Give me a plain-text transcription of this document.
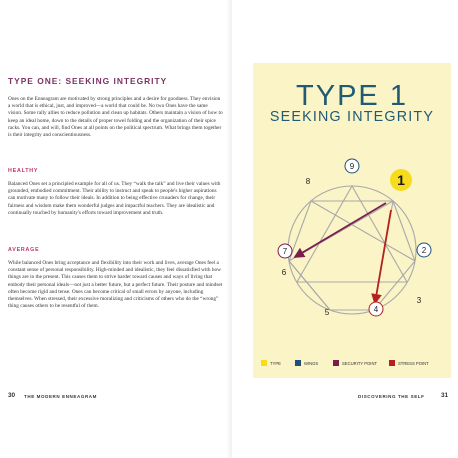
TYPE ONE: SEEKING INTEGRITY
Ones on the Enneagram are motivated by strong principles and a desire for goodness. They envision a world that is ethical, just, and improved—a world that could be. No two Ones have the same vision. Some rally allies to reduce pollution and clean up habitats. Others maintain a vision of how to keep an ideal home, down to the details of proper towel folding and the organization of their spice racks. You can, and will, find Ones at all points on the political spectrum. What brings them together is their integrity and conscientiousness.
HEALTHY
Balanced Ones set a principled example for all of us. They “walk the talk” and live their values with grounded, embodied commitment. Their ability to instruct and speak to people's higher aspirations can motivate many to follow their ideals. In addition to being effective crusaders for change, their fairness and wisdom make them wonderful judges and impactful teachers. They are idealistic and continually touched by humanity's efforts toward improvement and truth.
AVERAGE
While balanced Ones bring acceptance and flexibility into their work and lives, average Ones feel a constant sense of personal responsibility. High-minded and idealistic, they feel dissatisfied with how things are in the present. This causes them to strive harder toward causes and ways of living that embody their personal ideals—not just a better future, but a perfect future. Their posture and mindset often become rigid and tense. Ones can become critical of small errors by anyone, including themselves. When stressed, their excessive moralizing and criticisms of others who do the “wrong” thing causes others to be resentful of them.
TYPE 1
SEEKING INTEGRITY
9
1
2
3
4
5
6
7
8
TYPE	WINGS	SECURITY POINT	STRESS POINT
30 THE MODERN ENNEAGRAM	DISCOVERING THE SELF	31
